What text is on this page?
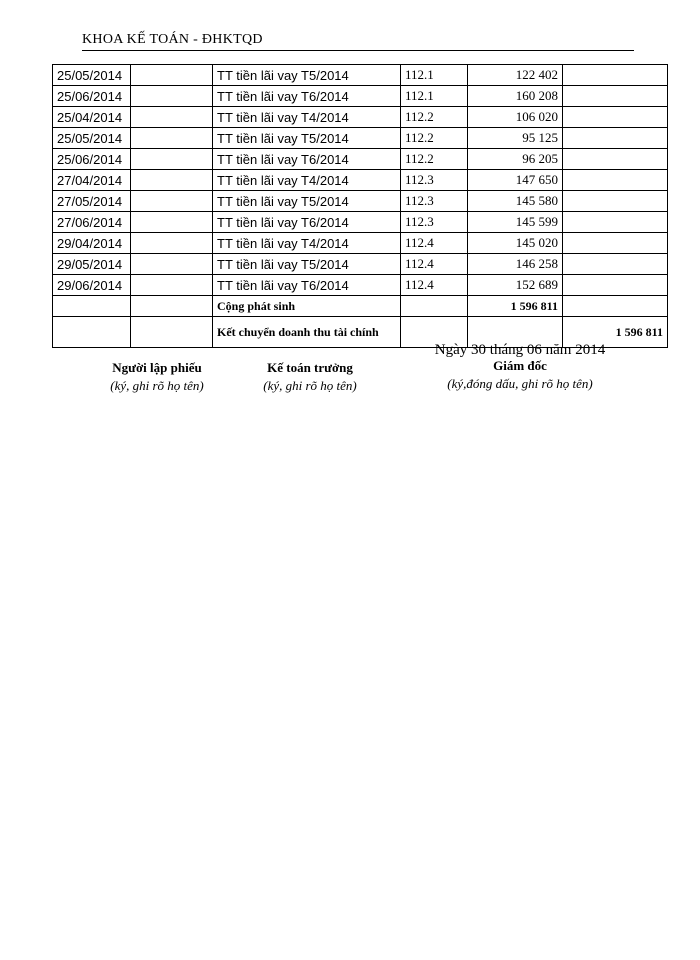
KHOA KẾ TOÁN - ĐHKTQD
25/05/2014		TT tiền lãi vay T5/2014	112.1	122 402	
25/06/2014		TT tiền lãi vay T6/2014	112.1	160 208	
25/04/2014		TT tiền lãi vay T4/2014	112.2	106 020	
25/05/2014		TT tiền lãi vay T5/2014	112.2	95 125	
25/06/2014		TT tiền lãi vay T6/2014	112.2	96 205	
27/04/2014		TT tiền lãi vay T4/2014	112.3	147 650	
27/05/2014		TT tiền lãi vay T5/2014	112.3	145 580	
27/06/2014		TT tiền lãi vay T6/2014	112.3	145 599	
29/04/2014		TT tiền lãi vay T4/2014	112.4	145 020	
29/05/2014		TT tiền lãi vay T5/2014	112.4	146 258	
29/06/2014		TT tiền lãi vay T6/2014	112.4	152 689	
		Cộng phát sinh		1 596 811	
		Kết chuyển doanh thu tài chính			1 596 811
Ngày 30 tháng 06 năm 2014
Người lập phiếu
(ký, ghi rõ họ tên)
Kế toán trưởng
(ký, ghi rõ họ tên)
Giám đốc
(ký,đóng dấu, ghi rõ họ tên)
